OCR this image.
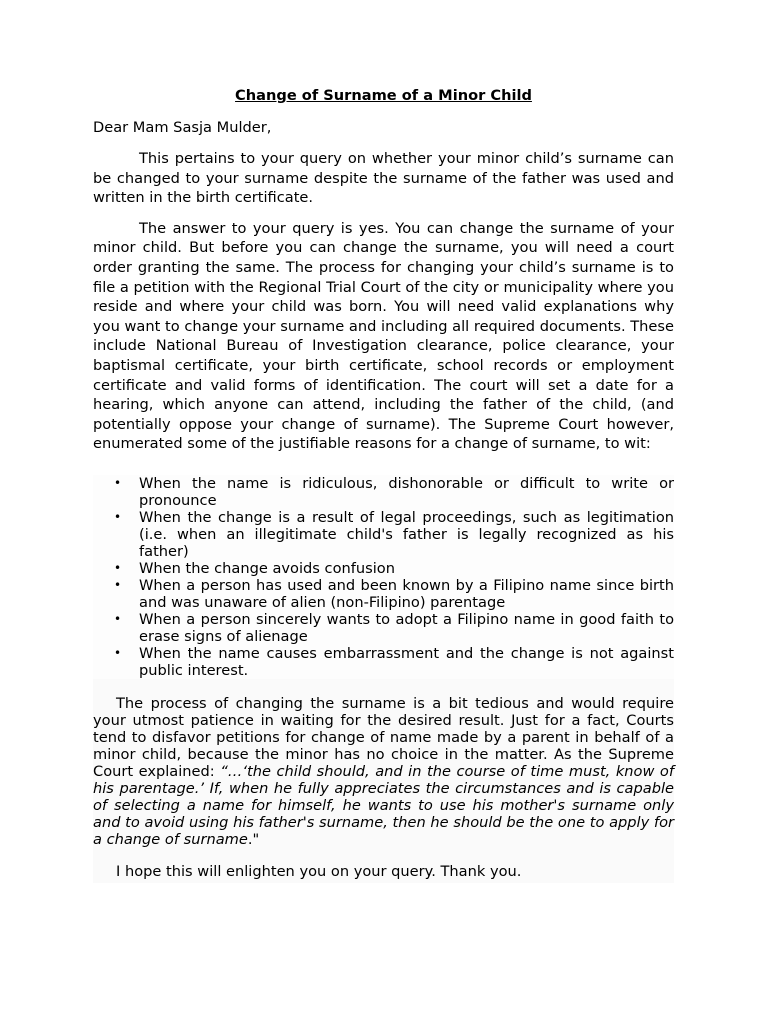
Change of Surname of a Minor Child
Dear Mam Sasja Mulder,

This pertains to your query on whether your minor child’s surname can be changed to your surname despite the surname of the father was used and written in the birth certificate.

The answer to your query is yes. You can change the surname of your minor child. But before you can change the surname, you will need a court order granting the same. The process for changing your child’s surname is to file a petition with the Regional Trial Court of the city or municipality where you reside and where your child was born. You will need valid explanations why you want to change your surname and including all required documents. These include National Bureau of Investigation clearance, police clearance, your baptismal certificate, your birth certificate, school records or employment certificate and valid forms of identification. The court will set a date for a hearing, which anyone can attend, including the father of the child, (and potentially oppose your change of surname). The Supreme Court however, enumerated some of the justifiable reasons for a change of surname, to wit:

• When the name is ridiculous, dishonorable or difficult to write or pronounce
• When the change is a result of legal proceedings, such as legitimation (i.e. when an illegitimate child's father is legally recognized as his father)
• When the change avoids confusion
• When a person has used and been known by a Filipino name since birth and was unaware of alien (non-Filipino) parentage
• When a person sincerely wants to adopt a Filipino name in good faith to erase signs of alienage
• When the name causes embarrassment and the change is not against public interest.

The process of changing the surname is a bit tedious and would require your utmost patience in waiting for the desired result. Just for a fact, Courts tend to disfavor petitions for change of name made by a parent in behalf of a minor child, because the minor has no choice in the matter. As the Supreme Court explained: “…‘the child should, and in the course of time must, know of his parentage.’ If, when he fully appreciates the circumstances and is capable of selecting a name for himself, he wants to use his mother's surname only and to avoid using his father's surname, then he should be the one to apply for a change of surname."

I hope this will enlighten you on your query. Thank you.
